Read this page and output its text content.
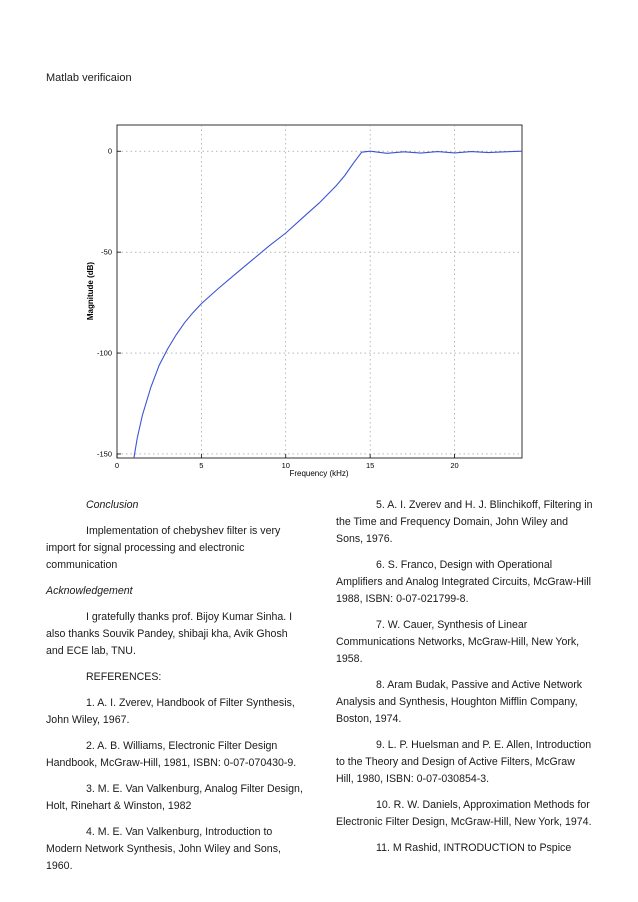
Matlab verificaion
0	5	10	15	20
0
-50
-100
-150
Frequency (kHz)
Magnitude (dB)

Conclusion

Implementation of chebyshev filter is very import for signal processing and electronic communication

Acknowledgement

I gratefully thanks prof. Bijoy Kumar Sinha. I also thanks Souvik Pandey, shibaji kha, Avik Ghosh and ECE lab, TNU.

REFERENCES:

1. A. I. Zverev, Handbook of Filter Synthesis, John Wiley, 1967.

2. A. B. Williams, Electronic Filter Design Handbook, McGraw-Hill, 1981, ISBN: 0-07-070430-9.

3. M. E. Van Valkenburg, Analog Filter Design, Holt, Rinehart & Winston, 1982

4. M. E. Van Valkenburg, Introduction to Modern Network Synthesis, John Wiley and Sons, 1960.

5. A. I. Zverev and H. J. Blinchikoff, Filtering in the Time and Frequency Domain, John Wiley and Sons, 1976.

6. S. Franco, Design with Operational Amplifiers and Analog Integrated Circuits, McGraw-Hill 1988, ISBN: 0-07-021799-8.

7. W. Cauer, Synthesis of Linear Communications Networks, McGraw-Hill, New York, 1958.

8. Aram Budak, Passive and Active Network Analysis and Synthesis, Houghton Mifflin Company, Boston, 1974.

9. L. P. Huelsman and P. E. Allen, Introduction to the Theory and Design of Active Filters, McGraw Hill, 1980, ISBN: 0-07-030854-3.

10. R. W. Daniels, Approximation Methods for Electronic Filter Design, McGraw-Hill, New York, 1974.

11. M Rashid, INTRODUCTION to Pspice
